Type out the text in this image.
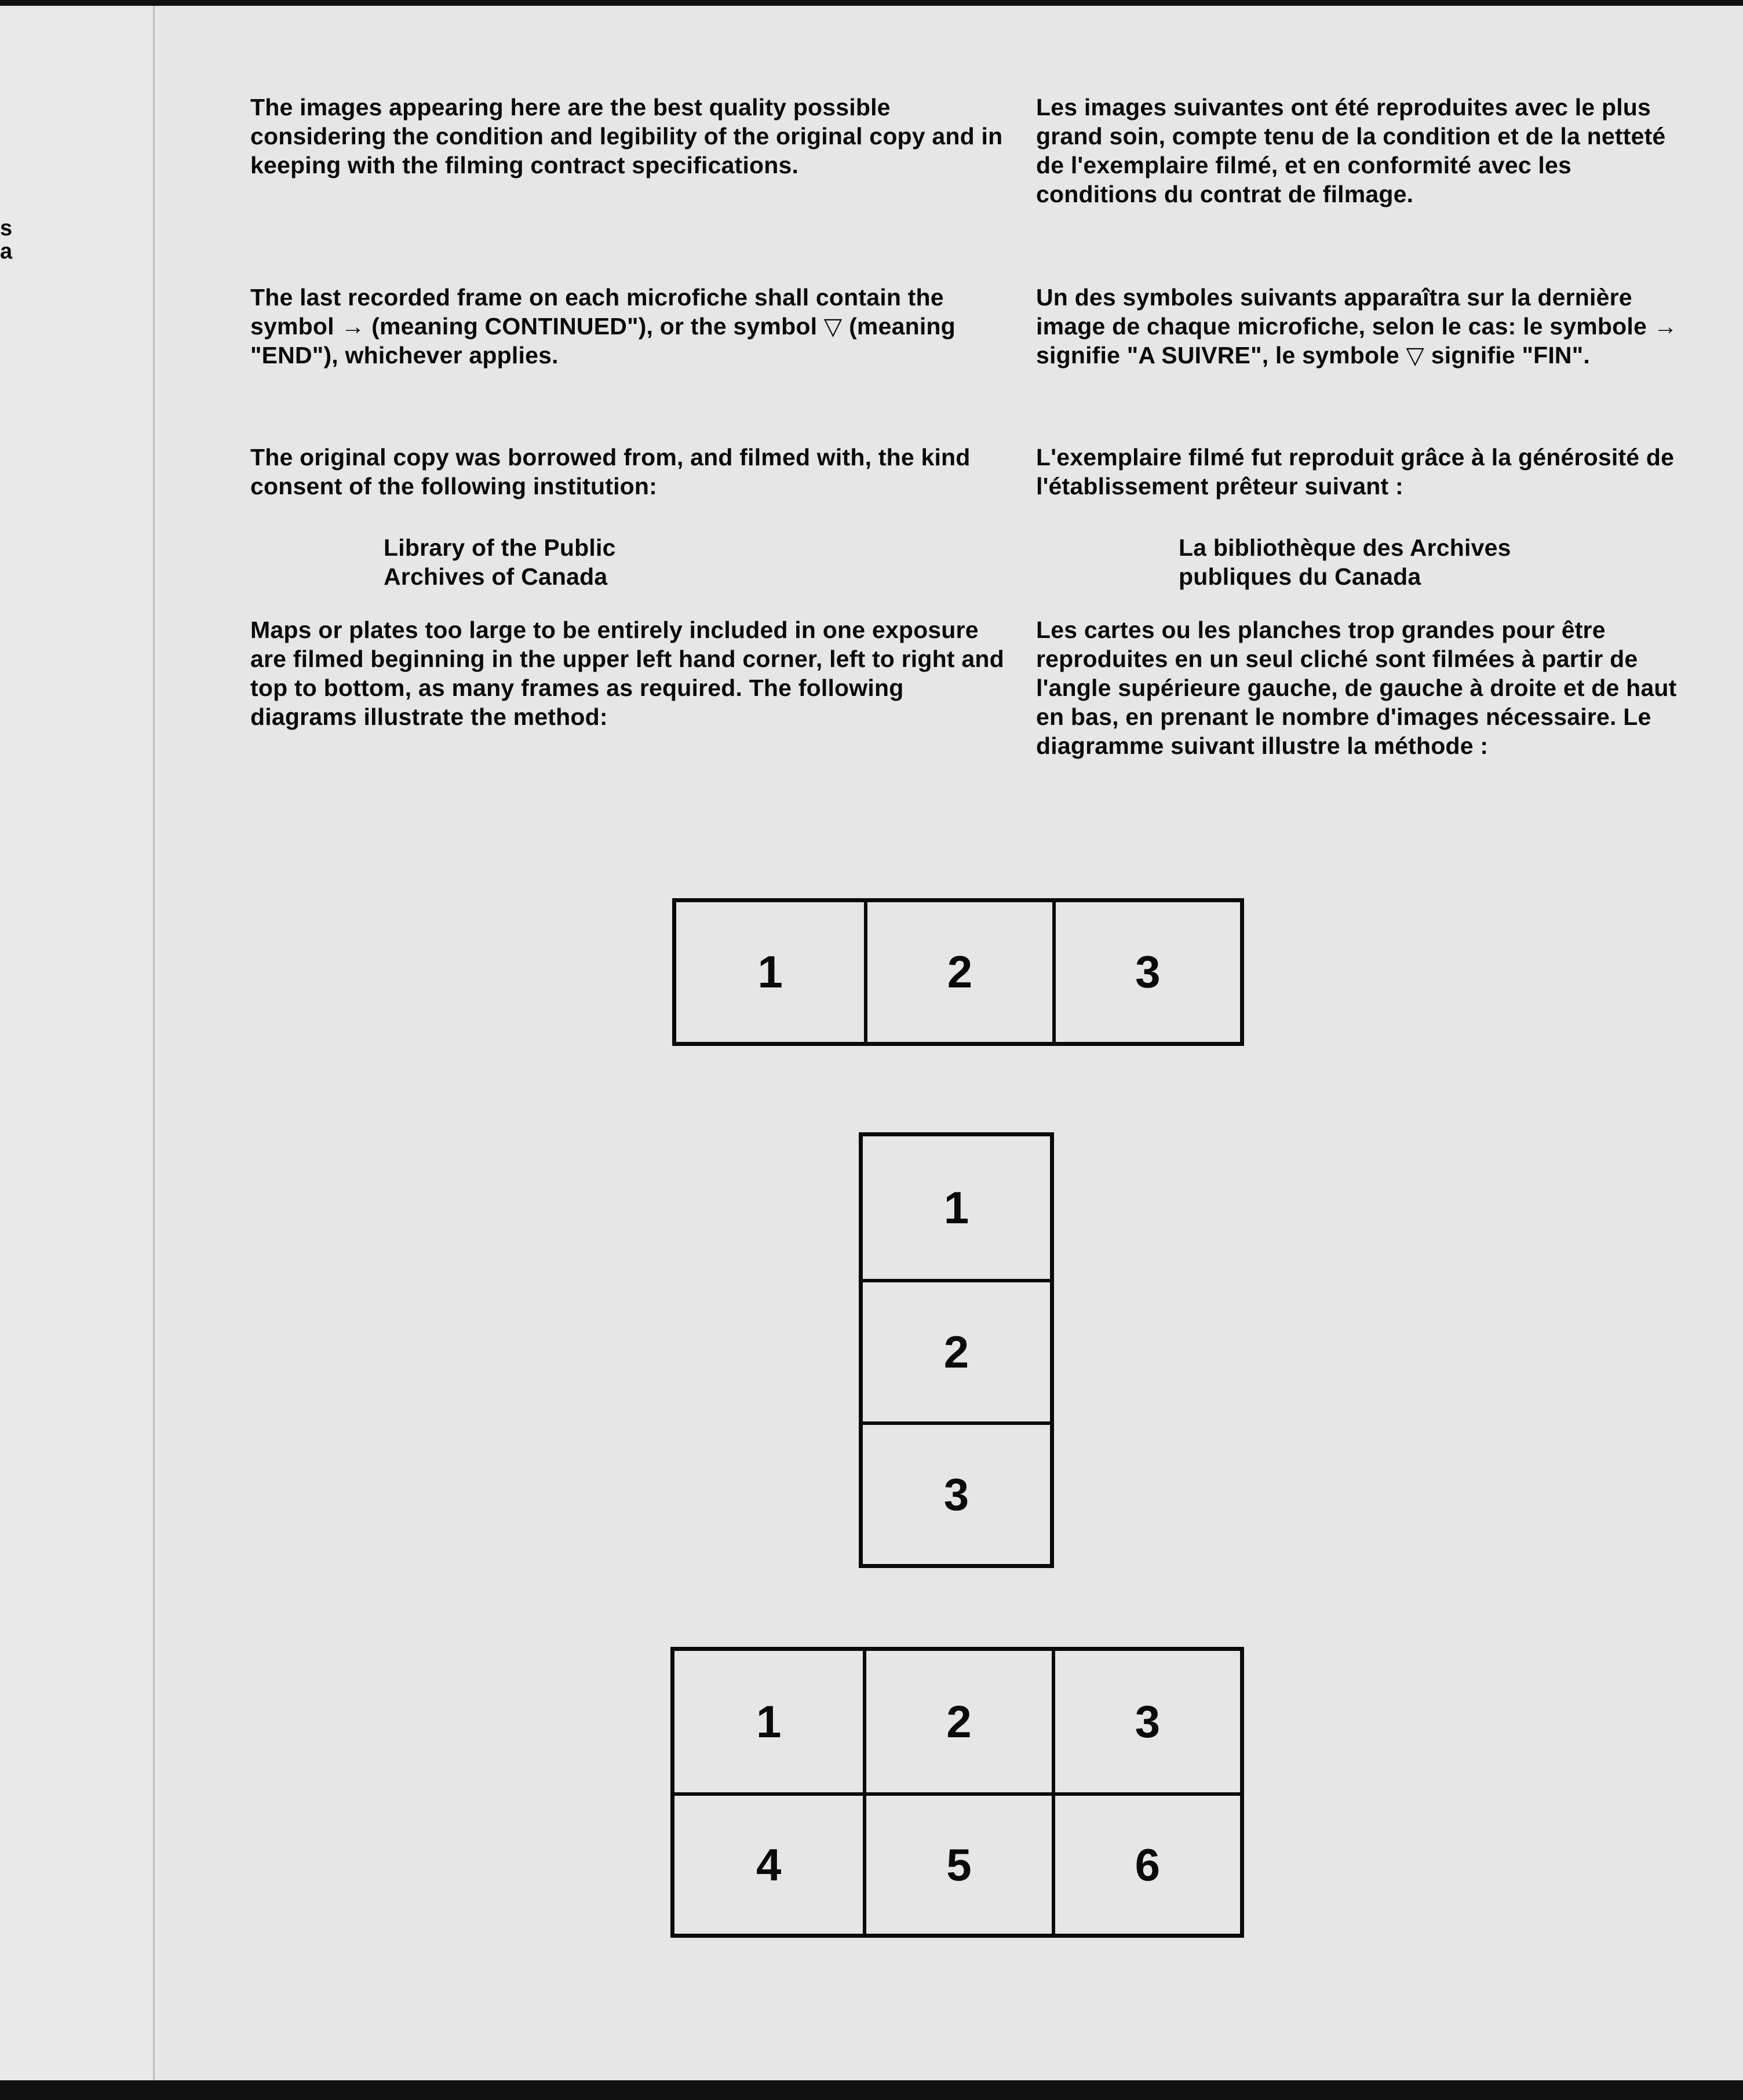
s
a

The images appearing here are the best quality possible considering the condition and legibility of the original copy and in keeping with the filming contract specifications.

The last recorded frame on each microfiche shall contain the symbol → (meaning CONTINUED"), or the symbol ▽ (meaning "END"), whichever applies.

The original copy was borrowed from, and filmed with, the kind consent of the following institution:

Library of the Public

Archives of Canada

Maps or plates too large to be entirely included in one exposure are filmed beginning in the upper left hand corner, left to right and top to bottom, as many frames as required. The following diagrams illustrate the method:

Les images suivantes ont été reproduites avec le plus grand soin, compte tenu de la condition et de la netteté de l'exemplaire filmé, et en conformité avec les conditions du contrat de filmage.

Un des symboles suivants apparaîtra sur la dernière image de chaque microfiche, selon le cas: le symbole → signifie "A SUIVRE", le symbole ▽ signifie "FIN".

L'exemplaire filmé fut reproduit grâce à la générosité de l'établissement prêteur suivant :

La bibliothèque des Archives

publiques du Canada

Les cartes ou les planches trop grandes pour être reproduites en un seul cliché sont filmées à partir de l'angle supérieure gauche, de gauche à droite et de haut en bas, en prenant le nombre d'images nécessaire. Le diagramme suivant illustre la méthode :

1	2	3
1
2
3
1	2	3
4	5	6
